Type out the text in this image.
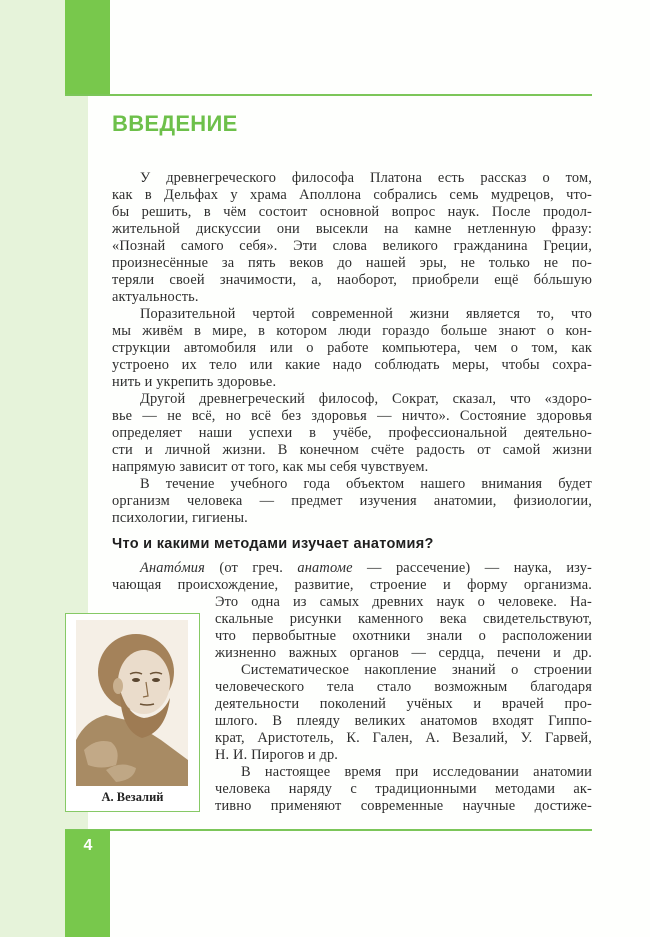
ВВЕДЕНИЕ
У древнегреческого философа Платона есть рассказ о том,
как в Дельфах у храма Аполлона собрались семь мудрецов, что-
бы решить, в чём состоит основной вопрос наук. После продол-
жительной дискуссии они высекли на камне нетленную фразу:
«Познай самого себя». Эти слова великого гражданина Греции,
произнесённые за пять веков до нашей эры, не только не по-
теряли своей значимости, а, наоборот, приобрели ещё бóльшую
актуальность.
Поразительной чертой современной жизни является то, что
мы живём в мире, в котором люди гораздо больше знают о кон-
струкции автомобиля или о работе компьютера, чем о том, как
устроено их тело или какие надо соблюдать меры, чтобы сохра-
нить и укрепить здоровье.
Другой древнегреческий философ, Сократ, сказал, что «здоро-
вье — не всё, но всё без здоровья — ничто». Состояние здоровья
определяет наши успехи в учёбе, профессиональной деятельно-
сти и личной жизни. В конечном счёте радость от самой жизни
напрямую зависит от того, как мы себя чувствуем.
В течение учебного года объектом нашего внимания будет
организм человека — предмет изучения анатомии, физиологии,
психологии, гигиены.
Что и какими методами изучает анатомия?
Анатóмия (от греч. анатоме — рассечение) — наука, изу-
чающая происхождение, развитие, строение и форму организма.
Это одна из самых древних наук о человеке. На-
скальные рисунки каменного века свидетельствуют,
что первобытные охотники знали о расположении
жизненно важных органов — сердца, печени и др.
Систематическое накопление знаний о строении
человеческого тела стало возможным благодаря
деятельности поколений учёных и врачей про-
шлого. В плеяду великих анатомов входят Гиппо-
крат, Аристотель, К. Гален, А. Везалий, У. Гарвей,
Н. И. Пирогов и др.
В настоящее время при исследовании анатомии
человека наряду с традиционными методами ак-
тивно применяют современные научные достиже-
А. Везалий
4
